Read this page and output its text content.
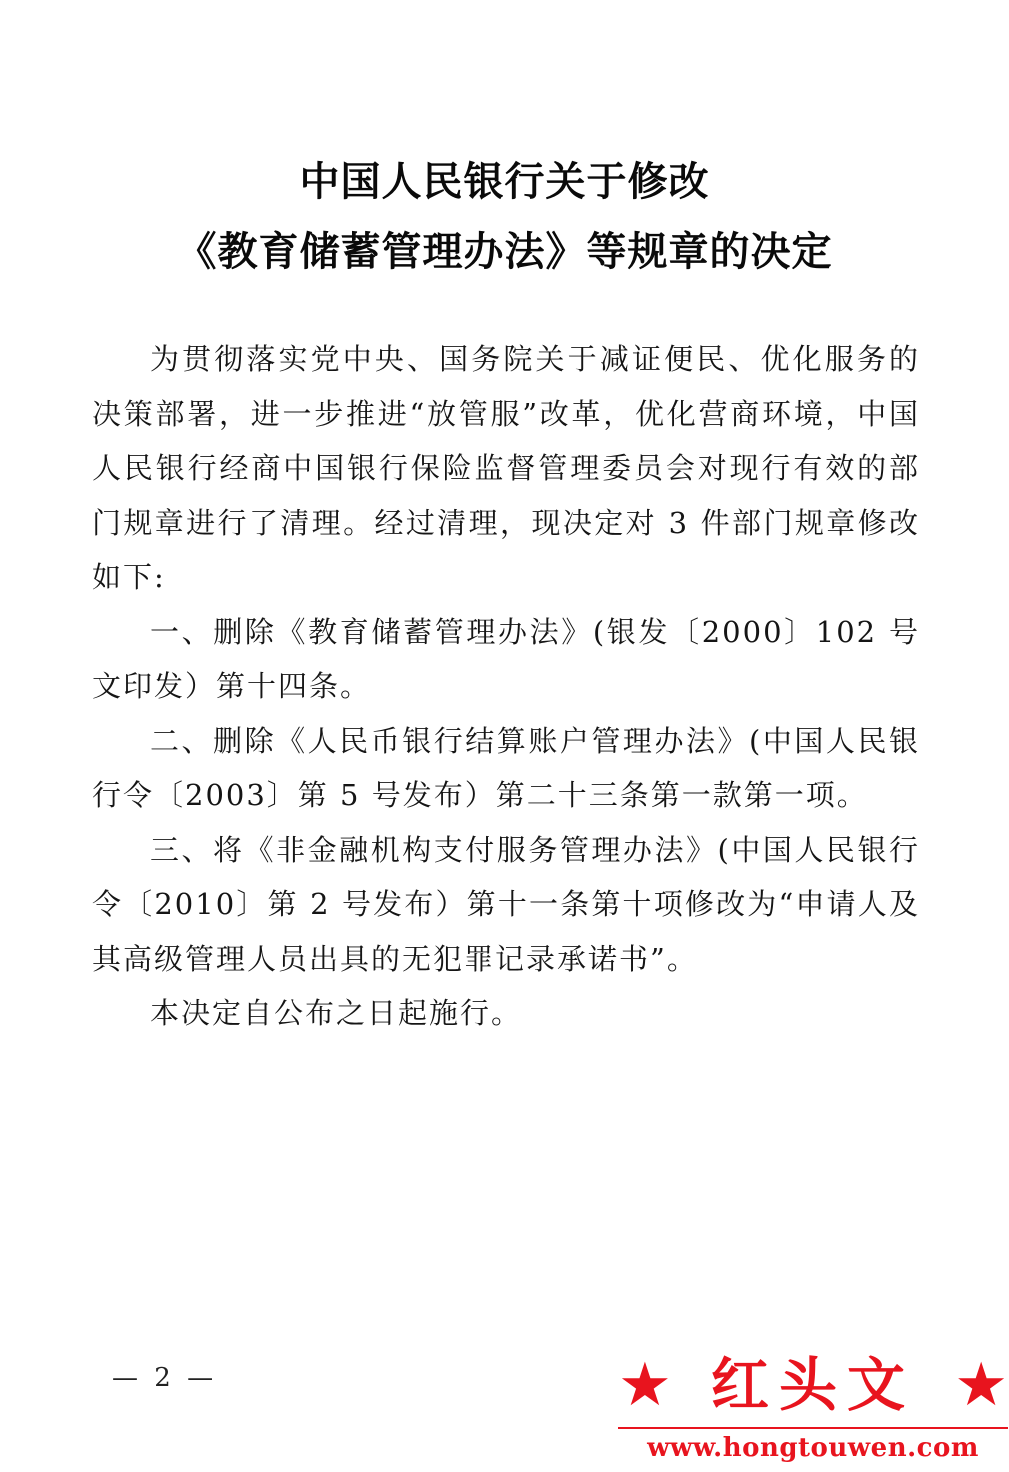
中国人民银行关于修改
《教育储蓄管理办法》等规章的决定

为贯彻落实党中央、国务院关于减证便民、优化服务的决策部署，进一步推进“放管服”改革，优化营商环境，中国人民银行经商中国银行保险监督管理委员会对现行有效的部门规章进行了清理。经过清理，现决定对 3 件部门规章修改如下:

一、删除《教育储蓄管理办法》(银发〔2000〕102 号文印发）第十四条。

二、删除《人民币银行结算账户管理办法》(中国人民银行令〔2003〕第 5 号发布）第二十三条第一款第一项。

三、将《非金融机构支付服务管理办法》(中国人民银行令〔2010〕第 2 号发布）第十一条第十项修改为“申请人及其高级管理人员出具的无犯罪记录承诺书”。

本决定自公布之日起施行。

— 2 —	★ 红头文 ★
www.hongtouwen.com
